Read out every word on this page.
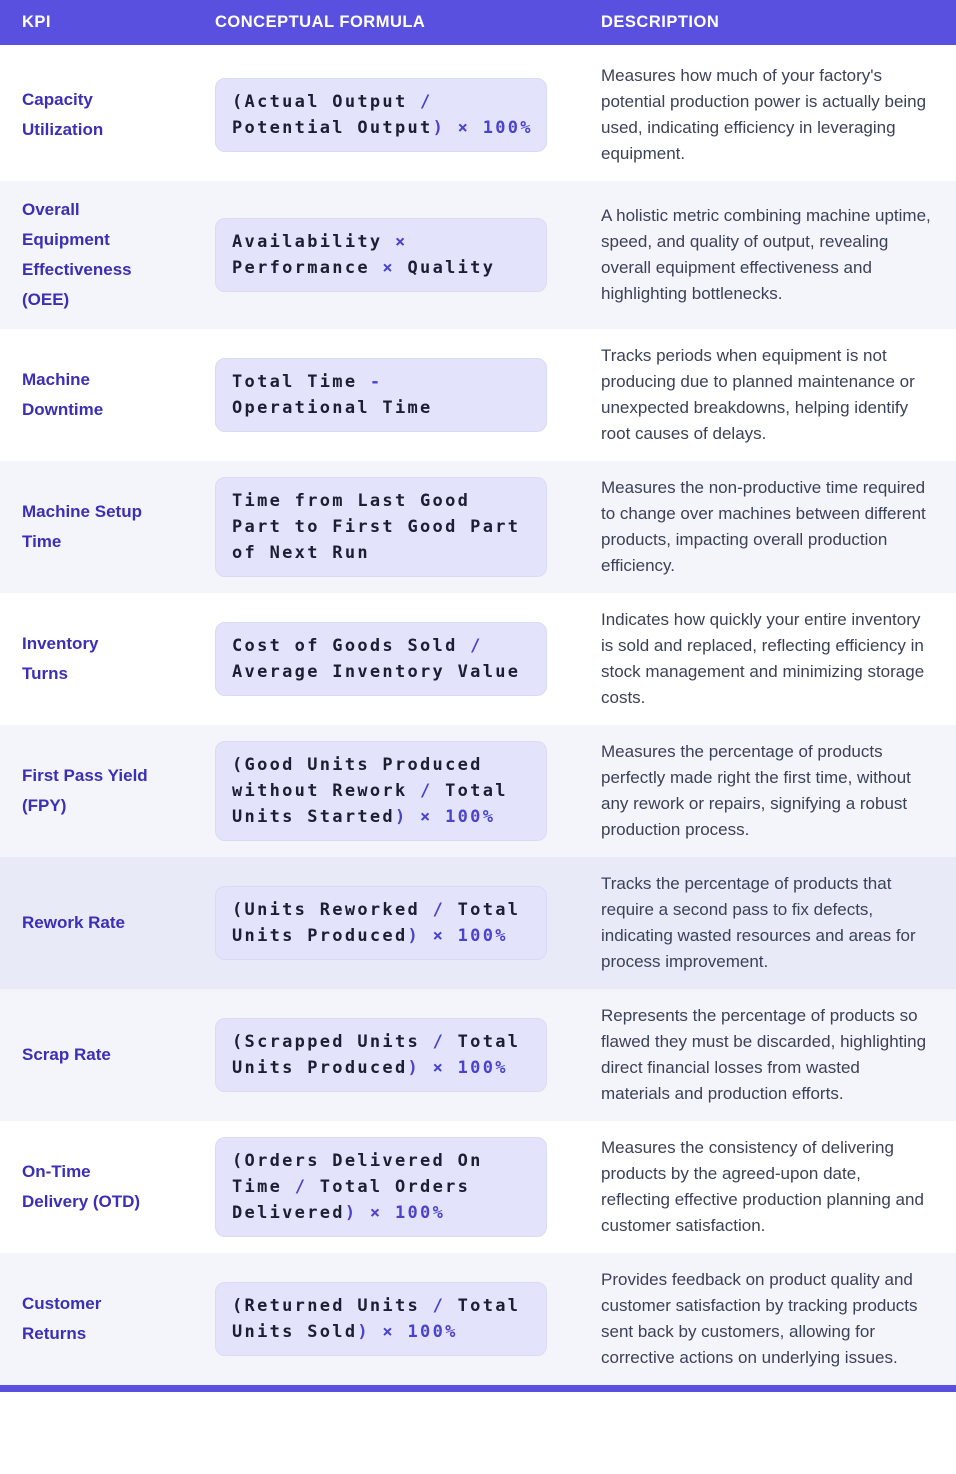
KPI	CONCEPTUAL FORMULA	DESCRIPTION
Capacity
Utilization
(Actual Output /
Potential Output) × 100%
Measures how much of your factory's potential production power is actually being used, indicating efficiency in leveraging equipment.
Overall
Equipment
Effectiveness
(OEE)
Availability ×
Performance × Quality
A holistic metric combining machine uptime, speed, and quality of output, revealing overall equipment effectiveness and highlighting bottlenecks.
Machine
Downtime
Total Time -
Operational Time
Tracks periods when equipment is not producing due to planned maintenance or unexpected breakdowns, helping identify root causes of delays.
Machine Setup
Time
Time from Last Good
Part to First Good Part
of Next Run
Measures the non-productive time required to change over machines between different products, impacting overall production efficiency.
Inventory
Turns
Cost of Goods Sold /
Average Inventory Value
Indicates how quickly your entire inventory is sold and replaced, reflecting efficiency in stock management and minimizing storage costs.
First Pass Yield
(FPY)
(Good Units Produced
without Rework / Total
Units Started) × 100%
Measures the percentage of products perfectly made right the first time, without any rework or repairs, signifying a robust production process.
Rework Rate
(Units Reworked / Total
Units Produced) × 100%
Tracks the percentage of products that require a second pass to fix defects, indicating wasted resources and areas for process improvement.
Scrap Rate
(Scrapped Units / Total
Units Produced) × 100%
Represents the percentage of products so flawed they must be discarded, highlighting direct financial losses from wasted materials and production efforts.
On-Time
Delivery (OTD)
(Orders Delivered On
Time / Total Orders
Delivered) × 100%
Measures the consistency of delivering products by the agreed-upon date, reflecting effective production planning and customer satisfaction.
Customer
Returns
(Returned Units / Total
Units Sold) × 100%
Provides feedback on product quality and customer satisfaction by tracking products sent back by customers, allowing for corrective actions on underlying issues.
